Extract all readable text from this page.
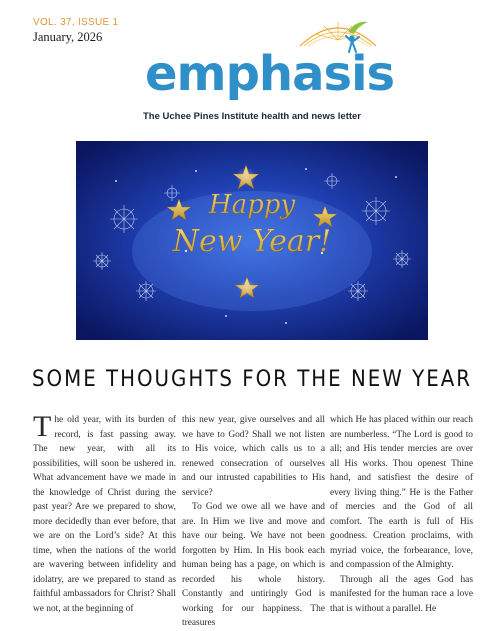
VOL. 37, ISSUE 1
January, 2026
emphasis
The Uchee Pines Institute health and news letter
Happy
New Year!
SOME THOUGHTS FOR THE NEW YEAR

The old year, with its burden of record, is fast passing away. The new year, with all its possibilities, will soon be ushered in. What advancement have we made in the knowledge of Christ during the past year? Are we prepared to show, more decidedly than ever before, that we are on the Lord’s side? At this time, when the nations of the world are wavering between infidelity and idolatry, are we prepared to stand as faithful ambassadors for Christ? Shall we not, at the beginning of

this new year, give ourselves and all we have to God? Shall we not listen to His voice, which calls us to a renewed consecration of ourselves and our intrusted capabilities to His service?

To God we owe all we have and are. In Him we live and move and have our being. We have not been forgotten by Him. In His book each human being has a page, on which is recorded his whole history. Constantly and untiringly God is working for our happiness. The treasures

which He has placed within our reach are numberless. “The Lord is good to all; and His tender mercies are over all His works. Thou openest Thine hand, and satisfiest the desire of every living thing.” He is the Father of mercies and the God of all comfort. The earth is full of His goodness. Creation proclaims, with myriad voice, the forbearance, love, and compassion of the Almighty.

Through all the ages God has manifested for the human race a love that is without a parallel. He
